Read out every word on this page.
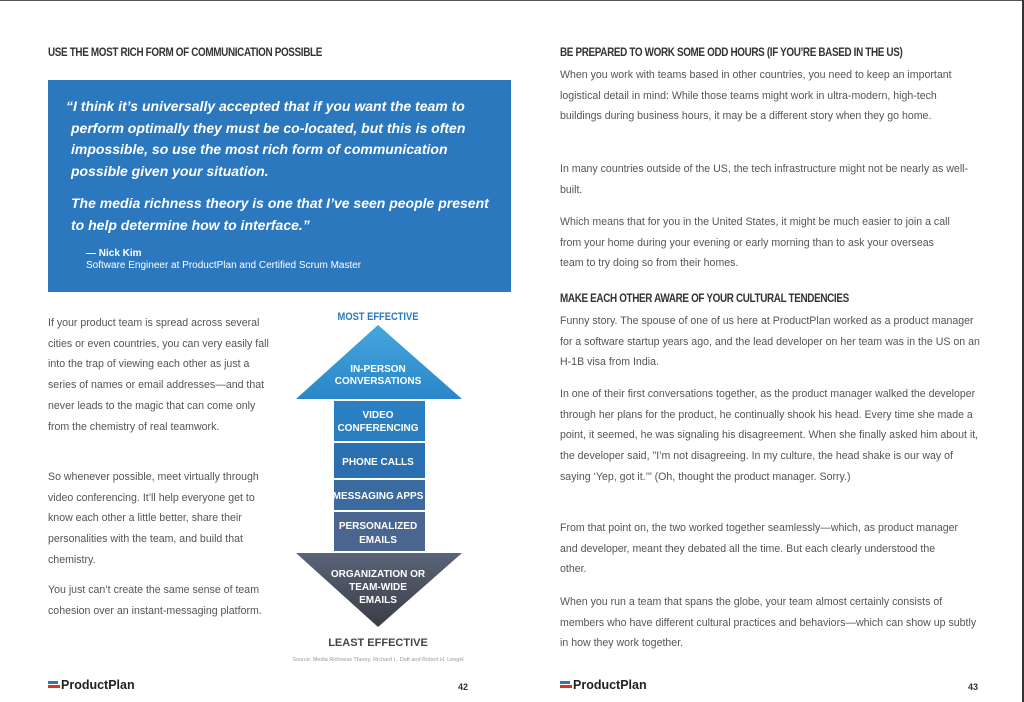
USE THE MOST RICH FORM OF COMMUNICATION POSSIBLE
“I think it’s universally accepted that if you want the team to perform optimally they must be co-located, but this is often impossible, so use the most rich form of communication possible given your situation.
The media richness theory is one that I’ve seen people present to help determine how to interface.”
— Nick Kim
Software Engineer at ProductPlan and Certified Scrum Master
If your product team is spread across several cities or even countries, you can very easily fall into the trap of viewing each other as just a series of names or email addresses—and that never leads to the magic that can come only from the chemistry of real teamwork.
So whenever possible, meet virtually through video conferencing. It’ll help everyone get to know each other a little better, share their personalities with the team, and build that chemistry.
You just can’t create the same sense of team cohesion over an instant-messaging platform.
MOST EFFECTIVE
IN-PERSON
CONVERSATIONS
VIDEO
CONFERENCING
PHONE CALLS
MESSAGING APPS
PERSONALIZED
EMAILS
ORGANIZATION OR
TEAM-WIDE
EMAILS
LEAST EFFECTIVE
Source: Media Richness Theory, Richard L. Daft and Robert H. Lengel
ProductPlan	42
BE PREPARED TO WORK SOME ODD HOURS (IF YOU’RE BASED IN THE US)
When you work with teams based in other countries, you need to keep an important logistical detail in mind: While those teams might work in ultra-modern, high-tech buildings during business hours, it may be a different story when they go home.
In many countries outside of the US, the tech infrastructure might not be nearly as well-built.
Which means that for you in the United States, it might be much easier to join a call from your home during your evening or early morning than to ask your overseas team to try doing so from their homes.
MAKE EACH OTHER AWARE OF YOUR CULTURAL TENDENCIES
Funny story. The spouse of one of us here at ProductPlan worked as a product manager for a software startup years ago, and the lead developer on her team was in the US on an H-1B visa from India.
In one of their first conversations together, as the product manager walked the developer through her plans for the product, he continually shook his head. Every time she made a point, it seemed, he was signaling his disagreement. When she finally asked him about it, the developer said, "I’m not disagreeing. In my culture, the head shake is our way of saying ‘Yep, got it.’" (Oh, thought the product manager. Sorry.)
From that point on, the two worked together seamlessly—which, as product manager and developer, meant they debated all the time. But each clearly understood the other.
When you run a team that spans the globe, your team almost certainly consists of members who have different cultural practices and behaviors—which can show up subtly in how they work together.
ProductPlan	43
